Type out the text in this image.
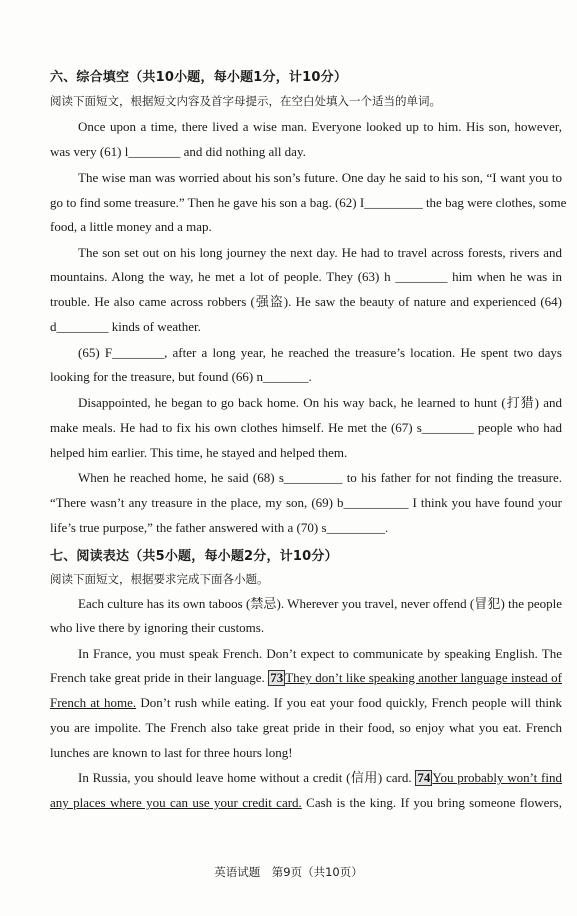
六、综合填空（共10小题，每小题1分，计10分）
阅读下面短文，根据短文内容及首字母提示，在空白处填入一个适当的单词。
Once upon a time, there lived a wise man. Everyone looked up to him. His son, however,
was very (61) l________ and did nothing all day.
The wise man was worried about his son’s future. One day he said to his son, “I want you to
go to find some treasure.” Then he gave his son a bag. (62) I_________ the bag were clothes, some
food, a little money and a map.
The son set out on his long journey the next day. He had to travel across forests, rivers and
mountains. Along the way, he met a lot of people. They (63) h ________ him when he was in
trouble. He also came across robbers (强盗). He saw the beauty of nature and experienced (64)
d________ kinds of weather.
(65) F________, after a long year, he reached the treasure’s location. He spent two days
looking for the treasure, but found (66) n_______.
Disappointed, he began to go back home. On his way back, he learned to hunt (打猎) and
make meals. He had to fix his own clothes himself. He met the (67) s________ people who had
helped him earlier. This time, he stayed and helped them.
When he reached home, he said (68) s_________ to his father for not finding the treasure.
“There wasn’t any treasure in the place, my son, (69) b__________ I think you have found your
life’s true purpose,” the father answered with a (70) s_________.
七、阅读表达（共5小题，每小题2分，计10分）
阅读下面短文，根据要求完成下面各小题。
Each culture has its own taboos (禁忌). Wherever you travel, never offend (冒犯) the people
who live there by ignoring their customs.
In France, you must speak French. Don’t expect to communicate by speaking English. The
French take great pride in their language. 73 They don’t like speaking another language instead of
French at home. Don’t rush while eating. If you eat your food quickly, French people will think
you are impolite. The French also take great pride in their food, so enjoy what you eat. French
lunches are known to last for three hours long!
In Russia, you should leave home without a credit (信用) card. 74 You probably won’t find
any places where you can use your credit card. Cash is the king. If you bring someone flowers,
英语试题　第9页（共10页）
